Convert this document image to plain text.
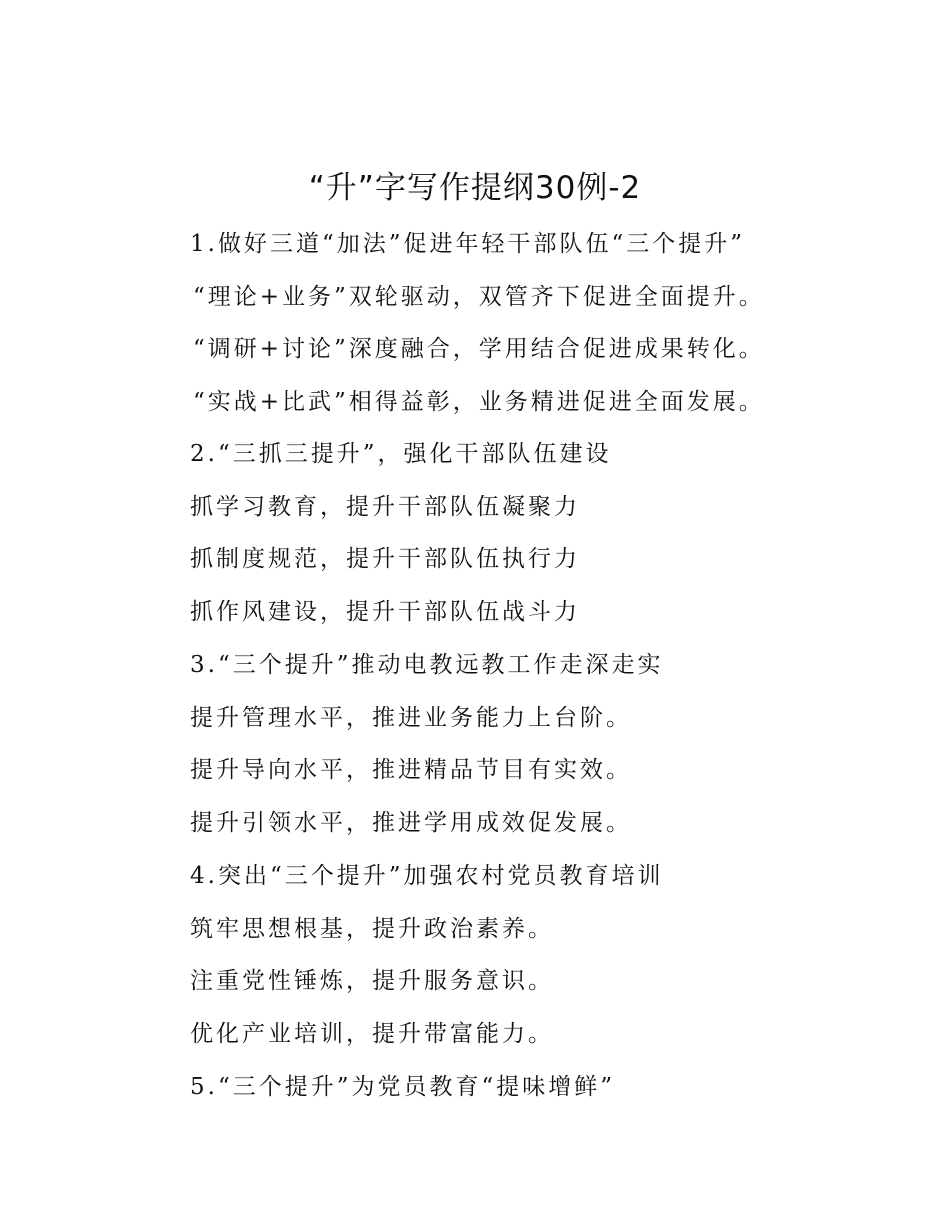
“升”字写作提纲30例-2

1.做好三道“加法”促进年轻干部队伍“三个提升”

“理论+业务”双轮驱动，双管齐下促进全面提升。

“调研+讨论”深度融合，学用结合促进成果转化。

“实战+比武”相得益彰，业务精进促进全面发展。

2.“三抓三提升”，强化干部队伍建设

抓学习教育，提升干部队伍凝聚力

抓制度规范，提升干部队伍执行力

抓作风建设，提升干部队伍战斗力

3.“三个提升”推动电教远教工作走深走实

提升管理水平，推进业务能力上台阶。

提升导向水平，推进精品节目有实效。

提升引领水平，推进学用成效促发展。

4.突出“三个提升”加强农村党员教育培训

筑牢思想根基，提升政治素养。

注重党性锤炼，提升服务意识。

优化产业培训，提升带富能力。

5.“三个提升”为党员教育“提味增鲜”
